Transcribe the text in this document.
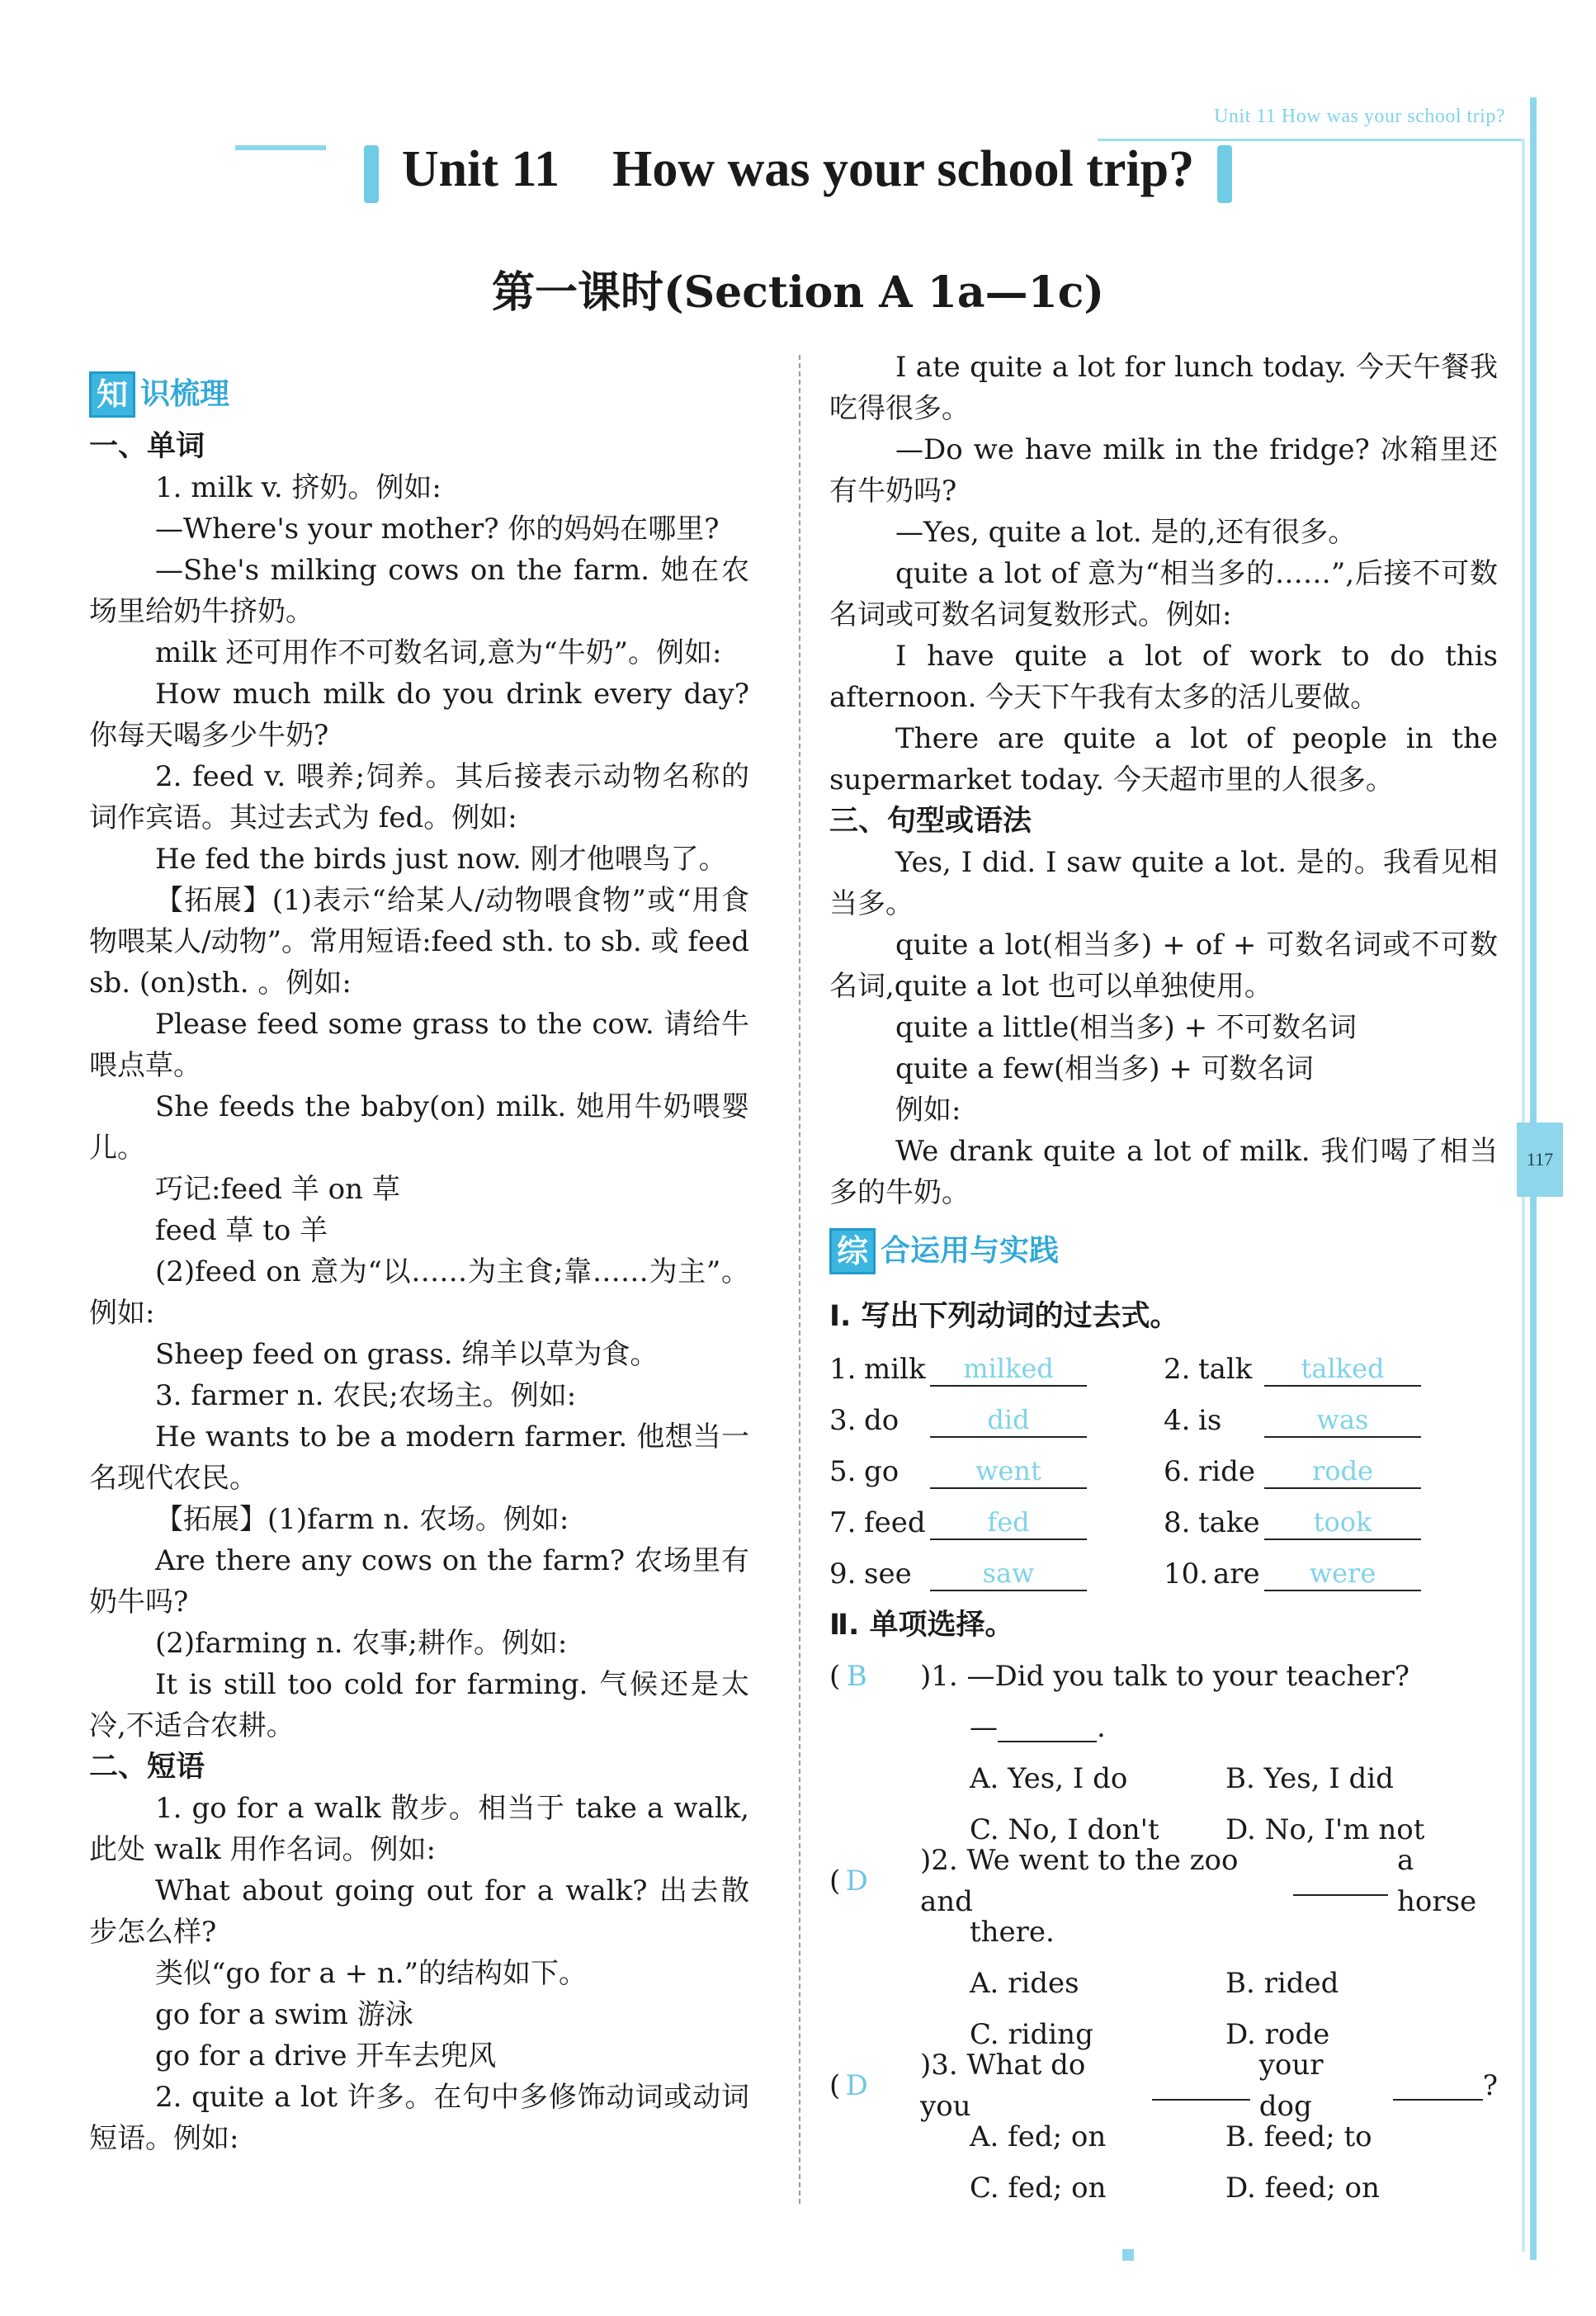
Unit 11 How was your school trip?
117
Unit 11 How was your school trip?
第一课时(Section A 1a—1c)
知 识梳理

一、单词

1. milk v. 挤奶。例如:

—Where's your mother? 你的妈妈在哪里?

—She's milking cows on the farm. 她在农场里给奶牛挤奶。

milk 还可用作不可数名词,意为“牛奶”。例如:

How much milk do you drink every day? 你每天喝多少牛奶?

2. feed v. 喂养;饲养。其后接表示动物名称的词作宾语。其过去式为 fed。例如:

He fed the birds just now. 刚才他喂鸟了。

【拓展】(1)表示“给某人/动物喂食物”或“用食物喂某人/动物”。常用短语:feed sth. to sb. 或 feed sb. (on)sth. 。例如:

Please feed some grass to the cow. 请给牛喂点草。

She feeds the baby(on) milk. 她用牛奶喂婴儿。

巧记:feed 羊 on 草

feed 草 to 羊

(2)feed on 意为“以……为主食;靠……为主”。例如:

Sheep feed on grass. 绵羊以草为食。

3. farmer n. 农民;农场主。例如:

He wants to be a modern farmer. 他想当一名现代农民。

【拓展】(1)farm n. 农场。例如:

Are there any cows on the farm? 农场里有奶牛吗?

(2)farming n. 农事;耕作。例如:

It is still too cold for farming. 气候还是太冷,不适合农耕。

二、短语

1. go for a walk 散步。相当于 take a walk,此处 walk 用作名词。例如:

What about going out for a walk? 出去散步怎么样?

类似“go for a + n.”的结构如下。

go for a swim 游泳

go for a drive 开车去兜风

2. quite a lot 许多。在句中多修饰动词或动词短语。例如:

I ate quite a lot for lunch today. 今天午餐我吃得很多。

—Do we have milk in the fridge? 冰箱里还有牛奶吗?

—Yes, quite a lot. 是的,还有很多。

quite a lot of 意为“相当多的……”,后接不可数名词或可数名词复数形式。例如:

I have quite a lot of work to do this afternoon. 今天下午我有太多的活儿要做。

There are quite a lot of people in the supermarket today. 今天超市里的人很多。

三、句型或语法

Yes, I did. I saw quite a lot. 是的。我看见相当多。

quite a lot(相当多) + of + 可数名词或不可数名词,quite a lot 也可以单独使用。

quite a little(相当多) + 不可数名词

quite a few(相当多) + 可数名词

例如:

We drank quite a lot of milk. 我们喝了相当多的牛奶。

综 合运用与实践

Ⅰ. 写出下列动词的过去式。

1. milk	milked	2. talk	talked
3. do	did	4. is	was
5. go	went	6. ride	rode
7. feed	fed	8. take	took
9. see	saw	10. are	were

Ⅱ. 单项选择。

( B	)1. —Did you talk to your teacher?
—	.
A. Yes, I do	B. Yes, I did
C. No, I don't	D. No, I'm not
( D
)2. We went to the zoo and

a horse
there.
A. rides	B. rided
C. riding	D. rode
( D
)3. What do you

your dog

?
A. fed; on	B. feed; to
C. fed; on	D. feed; on
